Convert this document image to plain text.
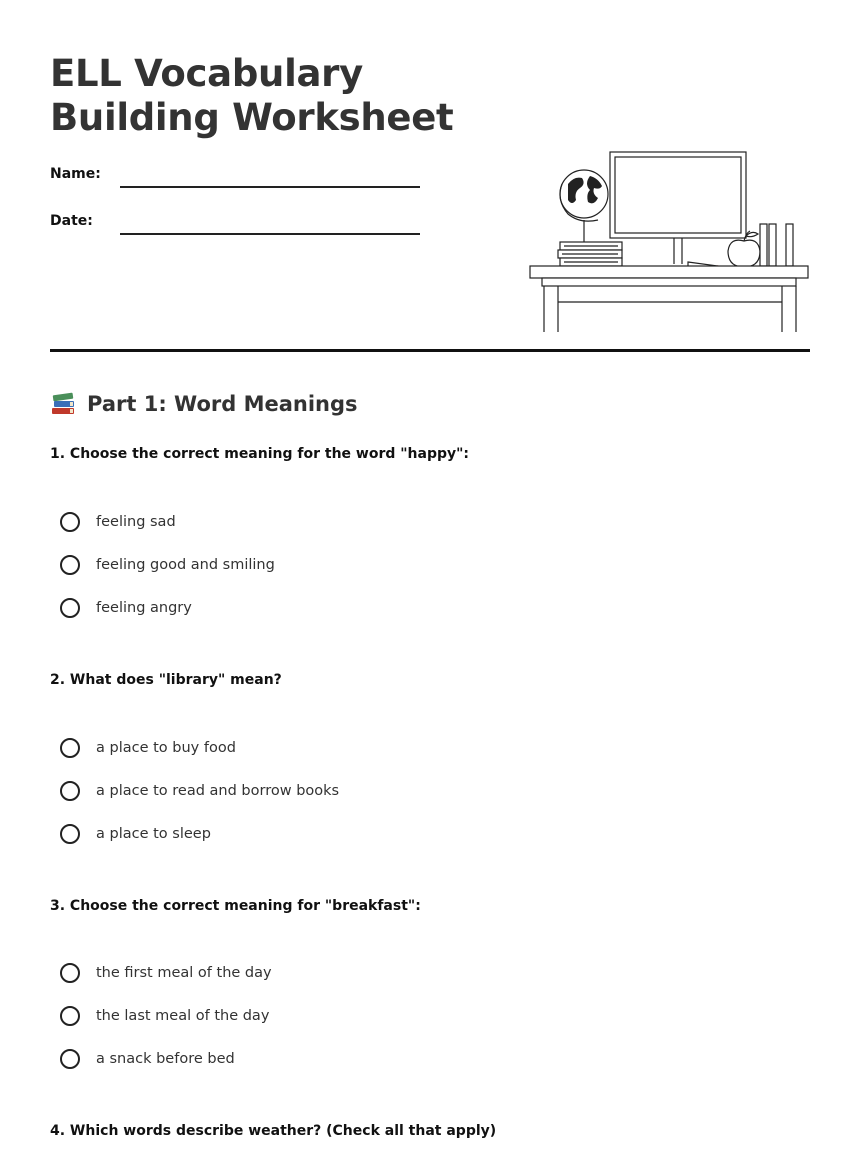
ELL Vocabulary Building Worksheet
Name:
Date:
Part 1: Word Meanings
1. Choose the correct meaning for the word "happy":
feeling sad
feeling good and smiling
feeling angry
2. What does "library" mean?
a place to buy food
a place to read and borrow books
a place to sleep
3. Choose the correct meaning for "breakfast":
the first meal of the day
the last meal of the day
a snack before bed
4. Which words describe weather? (Check all that apply)
